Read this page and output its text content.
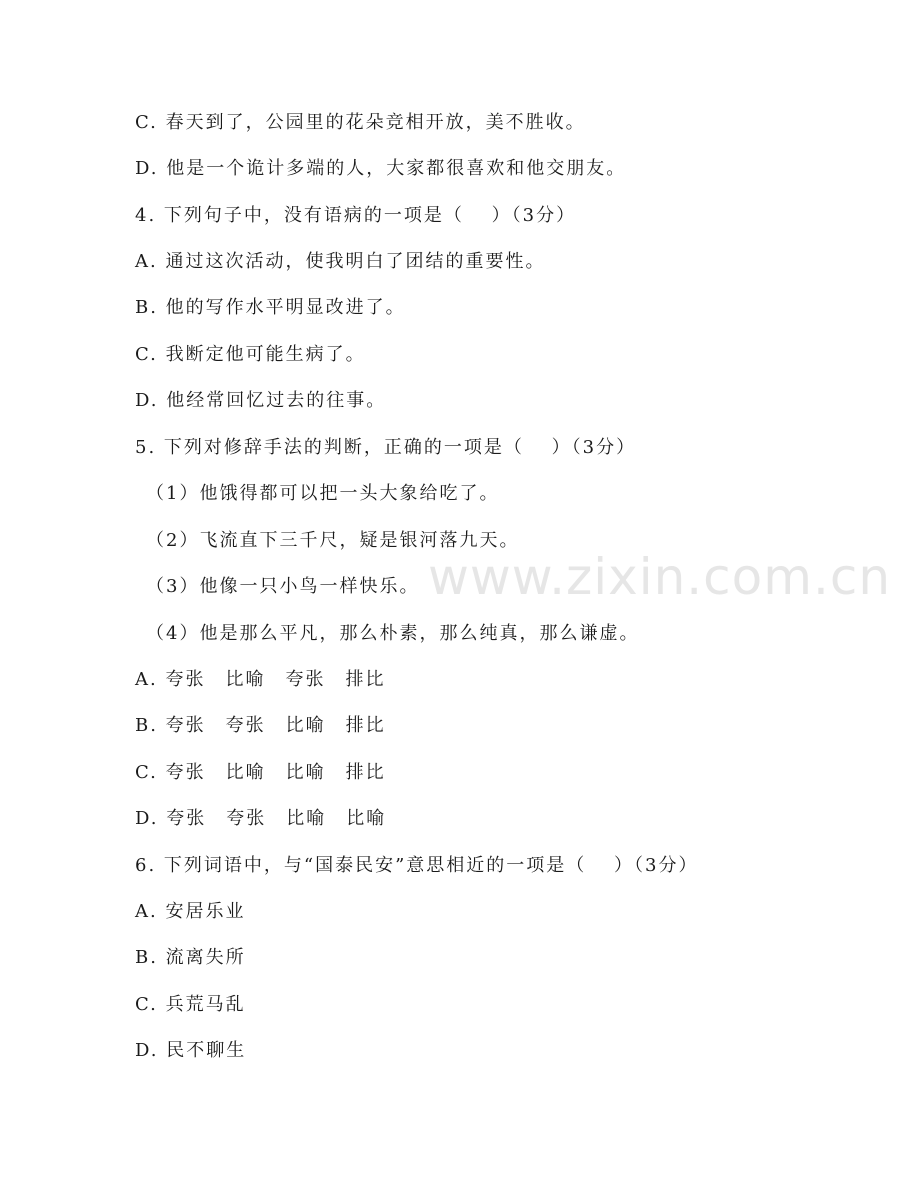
www.zixin.com.cn
C. 春天到了，公园里的花朵竞相开放，美不胜收。
D. 他是一个诡计多端的人，大家都很喜欢和他交朋友。
4. 下列句子中，没有语病的一项是（　 ）（3分）
A. 通过这次活动，使我明白了团结的重要性。
B. 他的写作水平明显改进了。
C. 我断定他可能生病了。
D. 他经常回忆过去的往事。
5. 下列对修辞手法的判断，正确的一项是（　 ）（3分）
（1）他饿得都可以把一头大象给吃了。
（2）飞流直下三千尺，疑是银河落九天。
（3）他像一只小鸟一样快乐。
（4）他是那么平凡，那么朴素，那么纯真，那么谦虚。
A. 夸张　比喻　夸张　排比
B. 夸张　夸张　比喻　排比
C. 夸张　比喻　比喻　排比
D. 夸张　夸张　比喻　比喻
6. 下列词语中，与“国泰民安”意思相近的一项是（　 ）（3分）
A. 安居乐业
B. 流离失所
C. 兵荒马乱
D. 民不聊生
